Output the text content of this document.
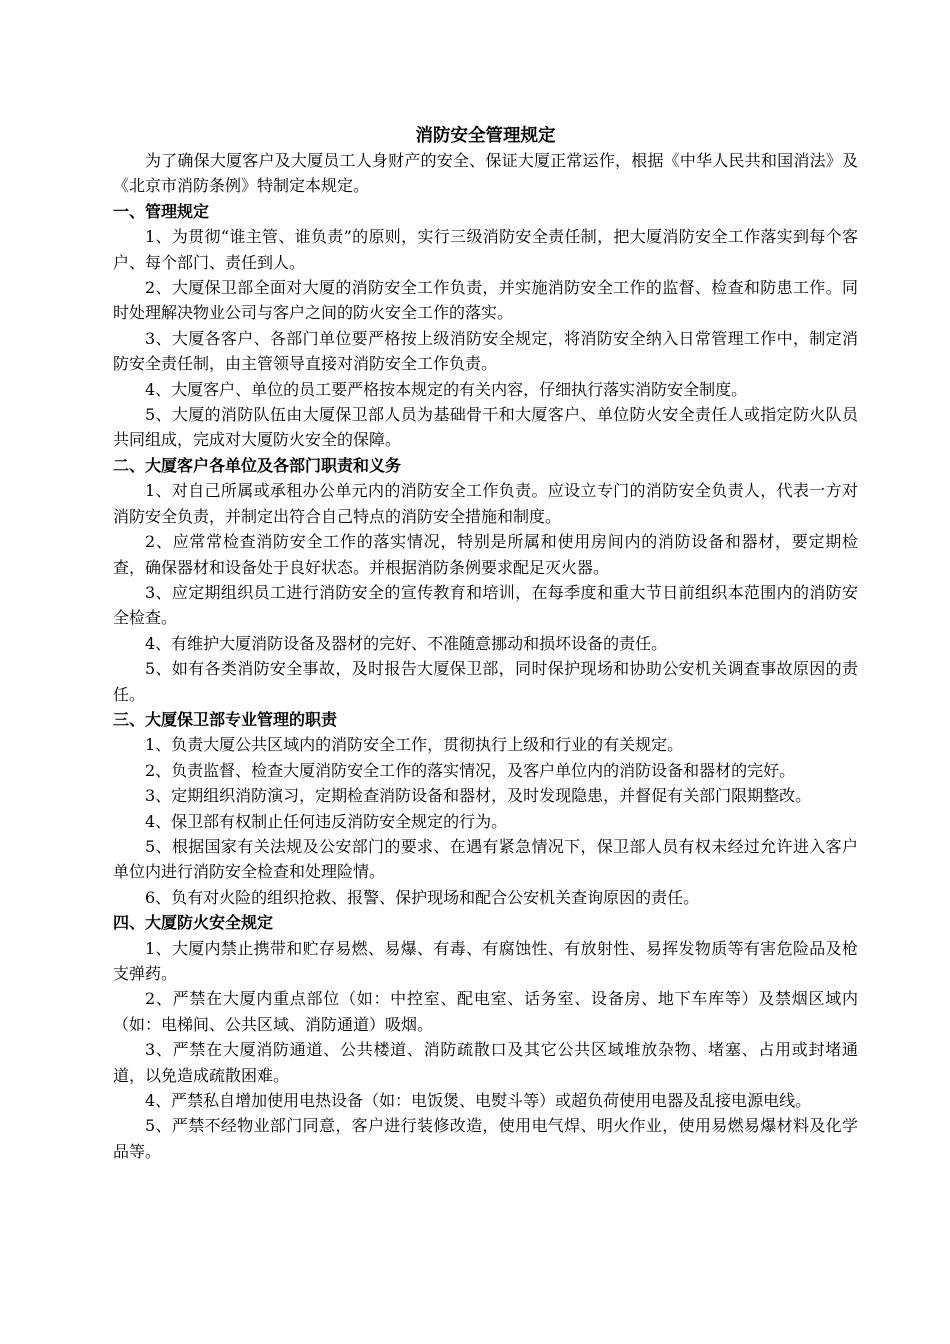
消防安全管理规定

为了确保大厦客户及大厦员工人身财产的安全、保证大厦正常运作，根据《中华人民共和国消法》及《北京市消防条例》特制定本规定。

一、管理规定

1、为贯彻“谁主管、谁负责”的原则，实行三级消防安全责任制，把大厦消防安全工作落实到每个客户、每个部门、责任到人。

2、大厦保卫部全面对大厦的消防安全工作负责，并实施消防安全工作的监督、检查和防患工作。同时处理解决物业公司与客户之间的防火安全工作的落实。

3、大厦各客户、各部门单位要严格按上级消防安全规定，将消防安全纳入日常管理工作中，制定消防安全责任制，由主管领导直接对消防安全工作负责。

4、大厦客户、单位的员工要严格按本规定的有关内容，仔细执行落实消防安全制度。

5、大厦的消防队伍由大厦保卫部人员为基础骨干和大厦客户、单位防火安全责任人或指定防火队员共同组成，完成对大厦防火安全的保障。

二、大厦客户各单位及各部门职责和义务

1、对自己所属或承租办公单元内的消防安全工作负责。应设立专门的消防安全负责人，代表一方对消防安全负责，并制定出符合自己特点的消防安全措施和制度。

2、应常常检查消防安全工作的落实情况，特别是所属和使用房间内的消防设备和器材，要定期检查，确保器材和设备处于良好状态。并根据消防条例要求配足灭火器。

3、应定期组织员工进行消防安全的宣传教育和培训，在每季度和重大节日前组织本范围内的消防安全检查。

4、有维护大厦消防设备及器材的完好、不准随意挪动和损坏设备的责任。

5、如有各类消防安全事故，及时报告大厦保卫部，同时保护现场和协助公安机关调查事故原因的责任。

三、大厦保卫部专业管理的职责

1、负责大厦公共区域内的消防安全工作，贯彻执行上级和行业的有关规定。

2、负责监督、检查大厦消防安全工作的落实情况，及客户单位内的消防设备和器材的完好。

3、定期组织消防演习，定期检查消防设备和器材，及时发现隐患，并督促有关部门限期整改。

4、保卫部有权制止任何违反消防安全规定的行为。

5、根据国家有关法规及公安部门的要求、在遇有紧急情况下，保卫部人员有权未经过允许进入客户单位内进行消防安全检查和处理险情。

6、负有对火险的组织抢救、报警、保护现场和配合公安机关查询原因的责任。

四、大厦防火安全规定

1、大厦内禁止携带和贮存易燃、易爆、有毒、有腐蚀性、有放射性、易挥发物质等有害危险品及枪支弹药。

2、严禁在大厦内重点部位（如：中控室、配电室、话务室、设备房、地下车库等）及禁烟区域内（如：电梯间、公共区域、消防通道）吸烟。

3、严禁在大厦消防通道、公共楼道、消防疏散口及其它公共区域堆放杂物、堵塞、占用或封堵通道，以免造成疏散困难。

4、严禁私自增加使用电热设备（如：电饭煲、电熨斗等）或超负荷使用电器及乱接电源电线。

5、严禁不经物业部门同意，客户进行装修改造，使用电气焊、明火作业，使用易燃易爆材料及化学品等。
